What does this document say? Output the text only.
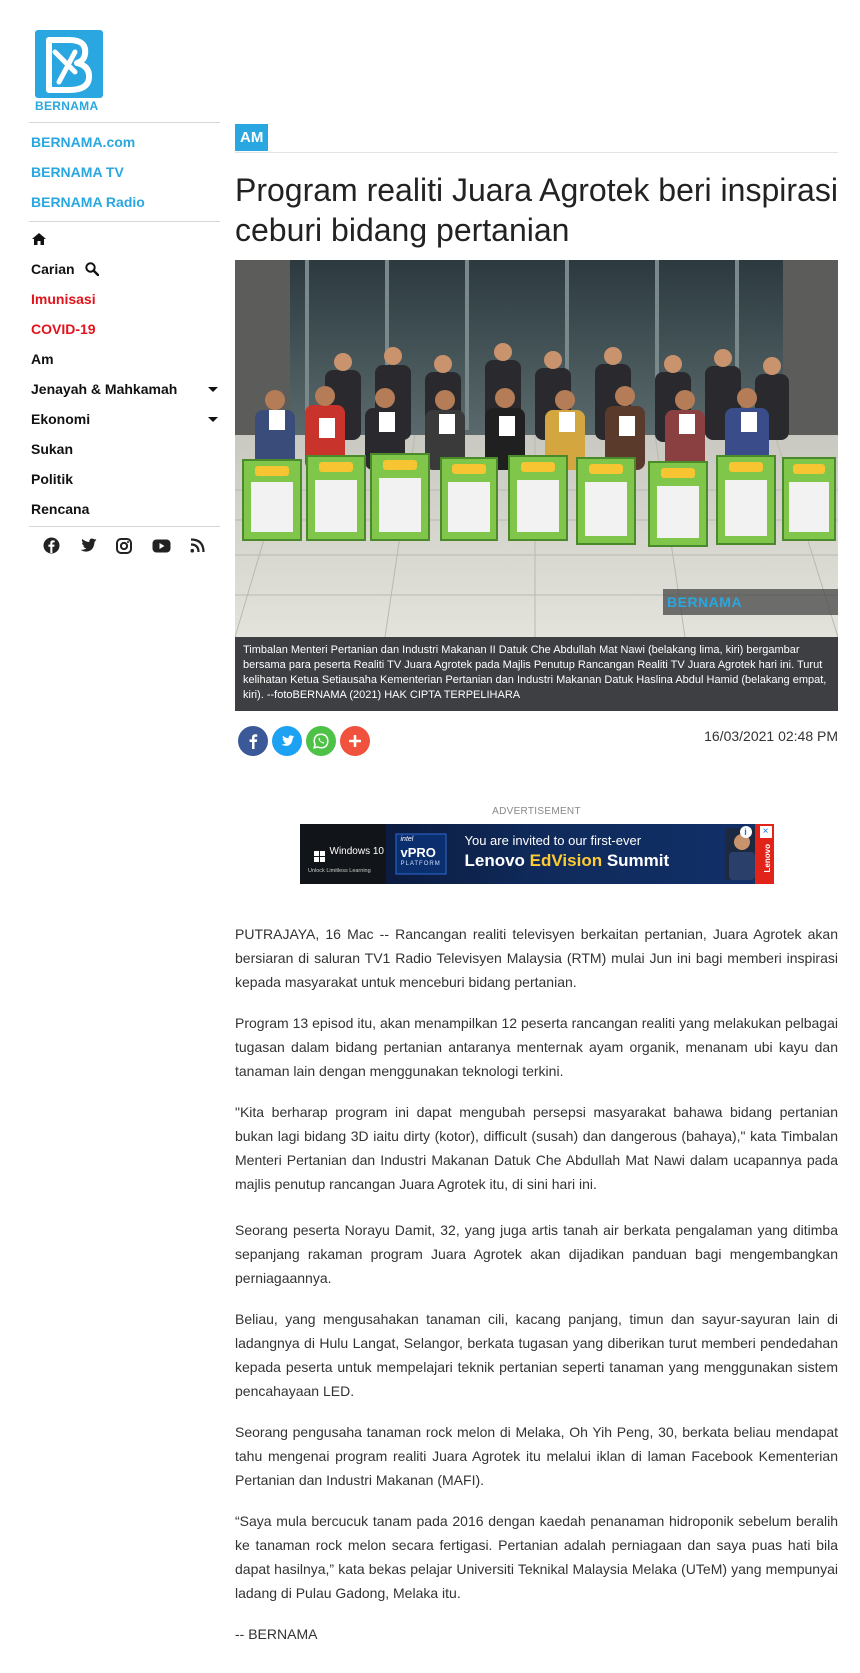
BERNAMA
BERNAMA.com
BERNAMA TV
BERNAMA Radio
Carian
Imunisasi
COVID-19
Am
Jenayah & Mahkamah
Ekonomi
Sukan
Politik
Rencana
AM
Program realiti Juara Agrotek beri inspirasi ceburi bidang pertanian
BERNAMA
Timbalan Menteri Pertanian dan Industri Makanan II Datuk Che Abdullah Mat Nawi (belakang lima, kiri) bergambar bersama para peserta Realiti TV Juara Agrotek pada Majlis Penutup Rancangan Realiti TV Juara Agrotek hari ini. Turut kelihatan Ketua Setiausaha Kementerian Pertanian dan Industri Makanan Datuk Haslina Abdul Hamid (belakang empat, kiri). --fotoBERNAMA (2021) HAK CIPTA TERPELIHARA
16/03/2021 02:48 PM
ADVERTISEMENT
Unlock Limitless Learning
Windows 10
intel
vPRO
PLATFORM
You are invited to our first-ever
Lenovo EdVision Summit	Lenovo
i	×

PUTRAJAYA, 16 Mac -- Rancangan realiti televisyen berkaitan pertanian, Juara Agrotek akan bersiaran di saluran TV1 Radio Televisyen Malaysia (RTM) mulai Jun ini bagi memberi inspirasi kepada masyarakat untuk menceburi bidang pertanian.

Program 13 episod itu, akan menampilkan 12 peserta rancangan realiti yang melakukan pelbagai tugasan dalam bidang pertanian antaranya menternak ayam organik, menanam ubi kayu dan tanaman lain dengan menggunakan teknologi terkini.

"Kita berharap program ini dapat mengubah persepsi masyarakat bahawa bidang pertanian bukan lagi bidang 3D iaitu dirty (kotor), difficult (susah) dan dangerous (bahaya)," kata Timbalan Menteri Pertanian dan Industri Makanan Datuk Che Abdullah Mat Nawi dalam ucapannya pada majlis penutup rancangan Juara Agrotek itu, di sini hari ini.

Seorang peserta Norayu Damit, 32, yang juga artis tanah air berkata pengalaman yang ditimba sepanjang rakaman program Juara Agrotek akan dijadikan panduan bagi mengembangkan perniagaannya.

Beliau, yang mengusahakan tanaman cili, kacang panjang, timun dan sayur-sayuran lain di ladangnya di Hulu Langat, Selangor, berkata tugasan yang diberikan turut memberi pendedahan kepada peserta untuk mempelajari teknik pertanian seperti tanaman yang menggunakan sistem pencahayaan LED.

Seorang pengusaha tanaman rock melon di Melaka, Oh Yih Peng, 30, berkata beliau mendapat tahu mengenai program realiti Juara Agrotek itu melalui iklan di laman Facebook Kementerian Pertanian dan Industri Makanan (MAFI).

“Saya mula bercucuk tanam pada 2016 dengan kaedah penanaman hidroponik sebelum beralih ke tanaman rock melon secara fertigasi. Pertanian adalah perniagaan dan saya puas hati bila dapat hasilnya,” kata bekas pelajar Universiti Teknikal Malaysia Melaka (UTeM) yang mempunyai ladang di Pulau Gadong, Melaka itu.

-- BERNAMA
